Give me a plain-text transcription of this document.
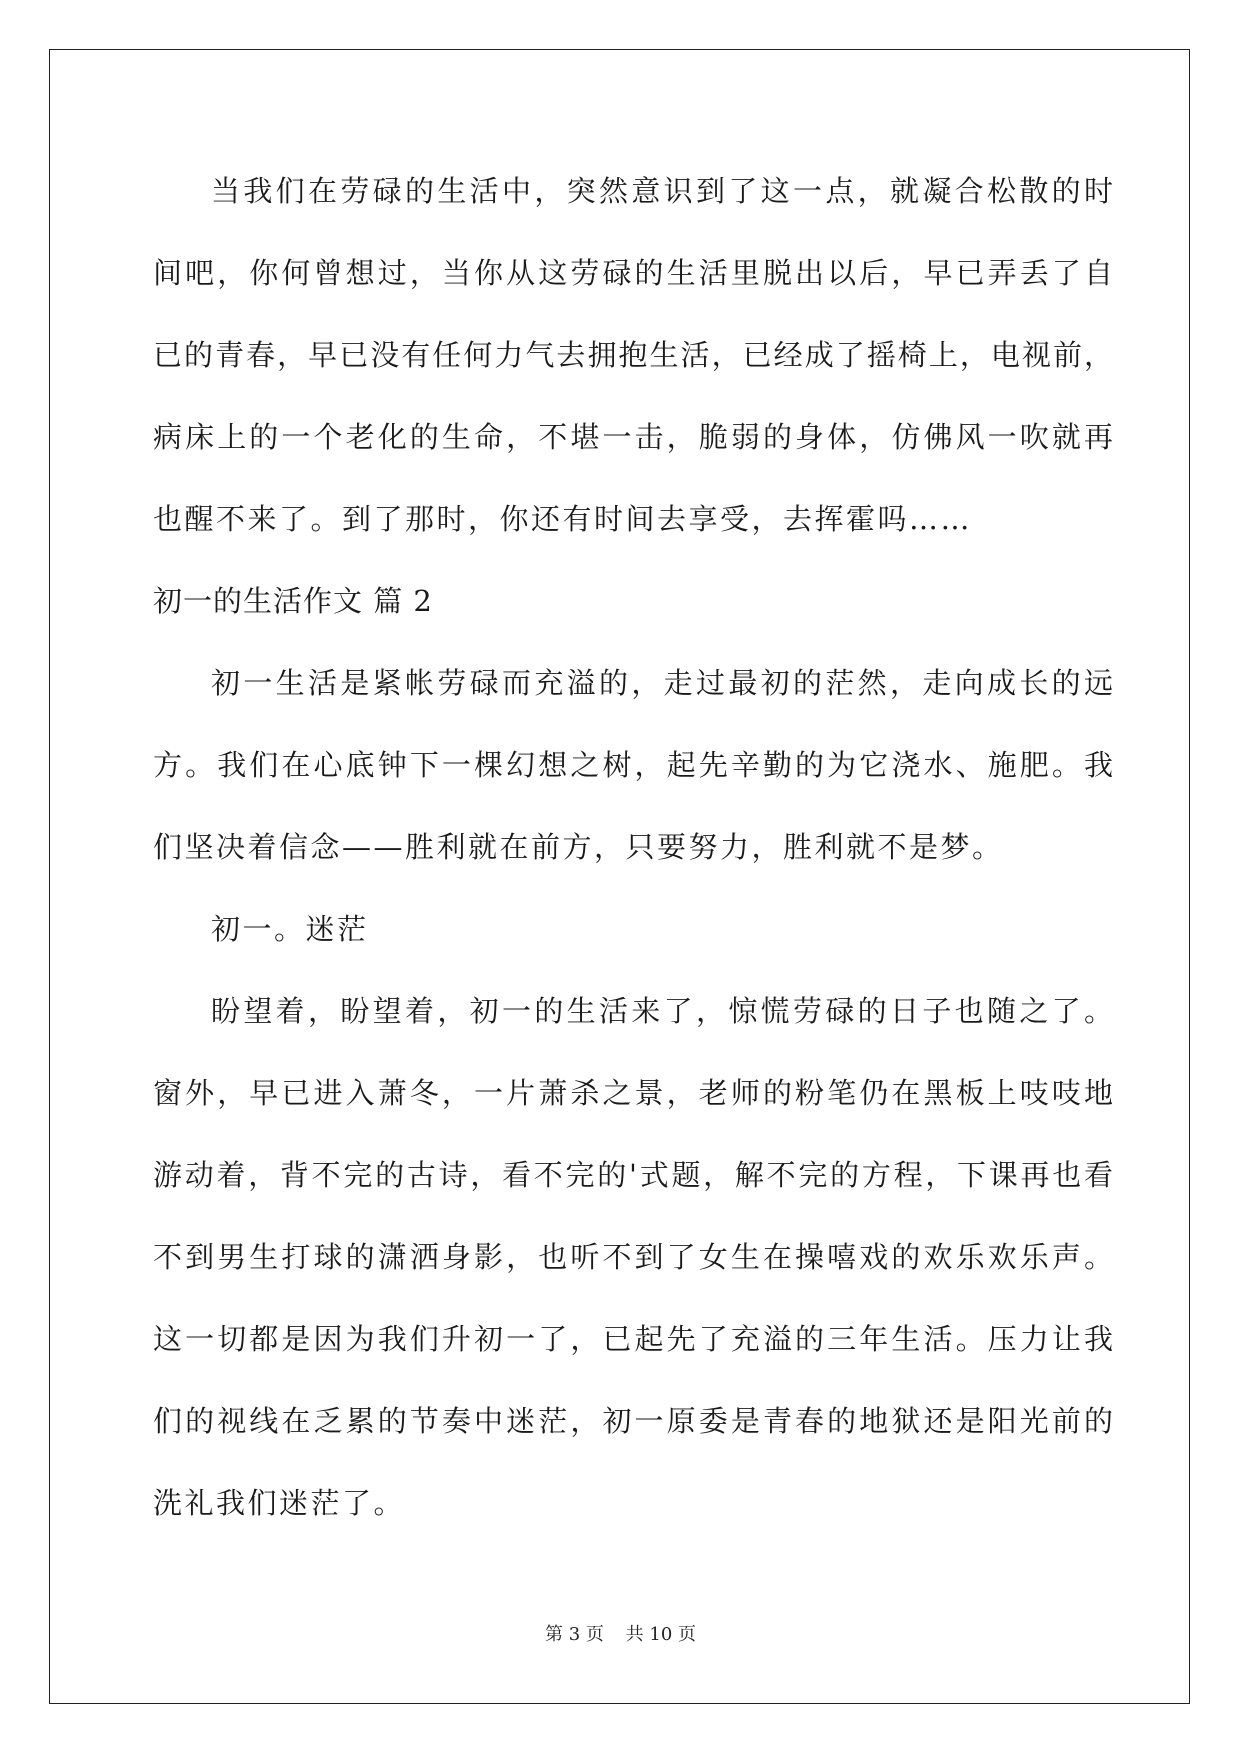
当我们在劳碌的生活中，突然意识到了这一点，就凝合松散的时
间吧，你何曾想过，当你从这劳碌的生活里脱出以后，早已弄丢了自
已的青春，早已没有任何力气去拥抱生活，已经成了摇椅上，电视前，
病床上的一个老化的生命，不堪一击，脆弱的身体，仿佛风一吹就再
也醒不来了。到了那时，你还有时间去享受，去挥霍吗……
初一的生活作文 篇 2
初一生活是紧帐劳碌而充溢的，走过最初的茫然，走向成长的远
方。我们在心底钟下一棵幻想之树，起先辛勤的为它浇水、施肥。我
们坚决着信念——胜利就在前方，只要努力，胜利就不是梦。
初一。迷茫
盼望着，盼望着，初一的生活来了，惊慌劳碌的日子也随之了。
窗外，早已进入萧冬，一片萧杀之景，老师的粉笔仍在黑板上吱吱地
游动着，背不完的古诗，看不完的'式题，解不完的方程，下课再也看
不到男生打球的潇洒身影，也听不到了女生在操嘻戏的欢乐欢乐声。
这一切都是因为我们升初一了，已起先了充溢的三年生活。压力让我
们的视线在乏累的节奏中迷茫，初一原委是青春的地狱还是阳光前的
洗礼我们迷茫了。
第 3 页 共 10 页
